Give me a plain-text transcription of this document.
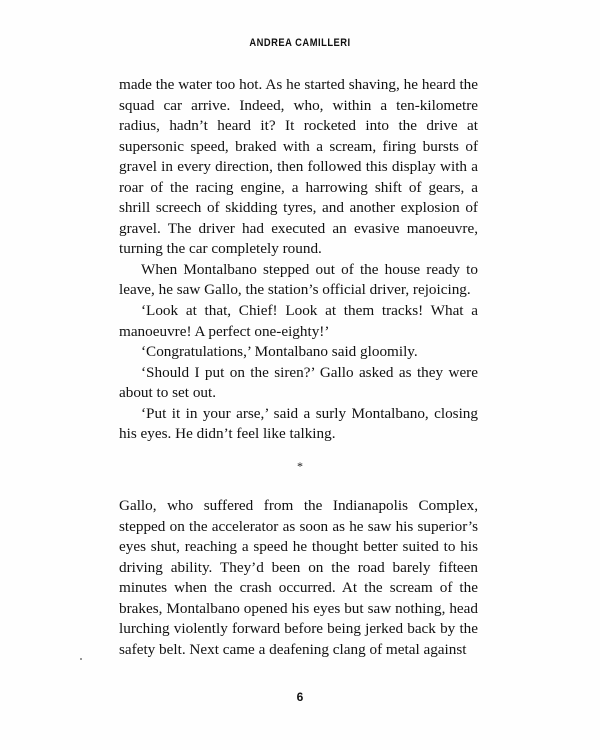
ANDREA CAMILLERI

made the water too hot. As he started shaving, he heard the squad car arrive. Indeed, who, within a ten-kilometre radius, hadn’t heard it? It rocketed into the drive at supersonic speed, braked with a scream, firing bursts of gravel in every direction, then followed this display with a roar of the racing engine, a harrowing shift of gears, a shrill screech of skidding tyres, and another explosion of gravel. The driver had executed an evasive manoeuvre, turning the car completely round.

When Montalbano stepped out of the house ready to leave, he saw Gallo, the station’s official driver, rejoicing.

‘Look at that, Chief! Look at them tracks! What a manoeuvre! A perfect one-eighty!’

‘Congratulations,’ Montalbano said gloomily.

‘Should I put on the siren?’ Gallo asked as they were about to set out.

‘Put it in your arse,’ said a surly Montalbano, closing his eyes. He didn’t feel like talking.

*

Gallo, who suffered from the Indianapolis Complex, stepped on the accelerator as soon as he saw his superior’s eyes shut, reaching a speed he thought better suited to his driving ability. They’d been on the road barely fifteen minutes when the crash occurred. At the scream of the brakes, Montalbano opened his eyes but saw nothing, head lurching violently forward before being jerked back by the safety belt. Next came a deafening clang of metal against

6
